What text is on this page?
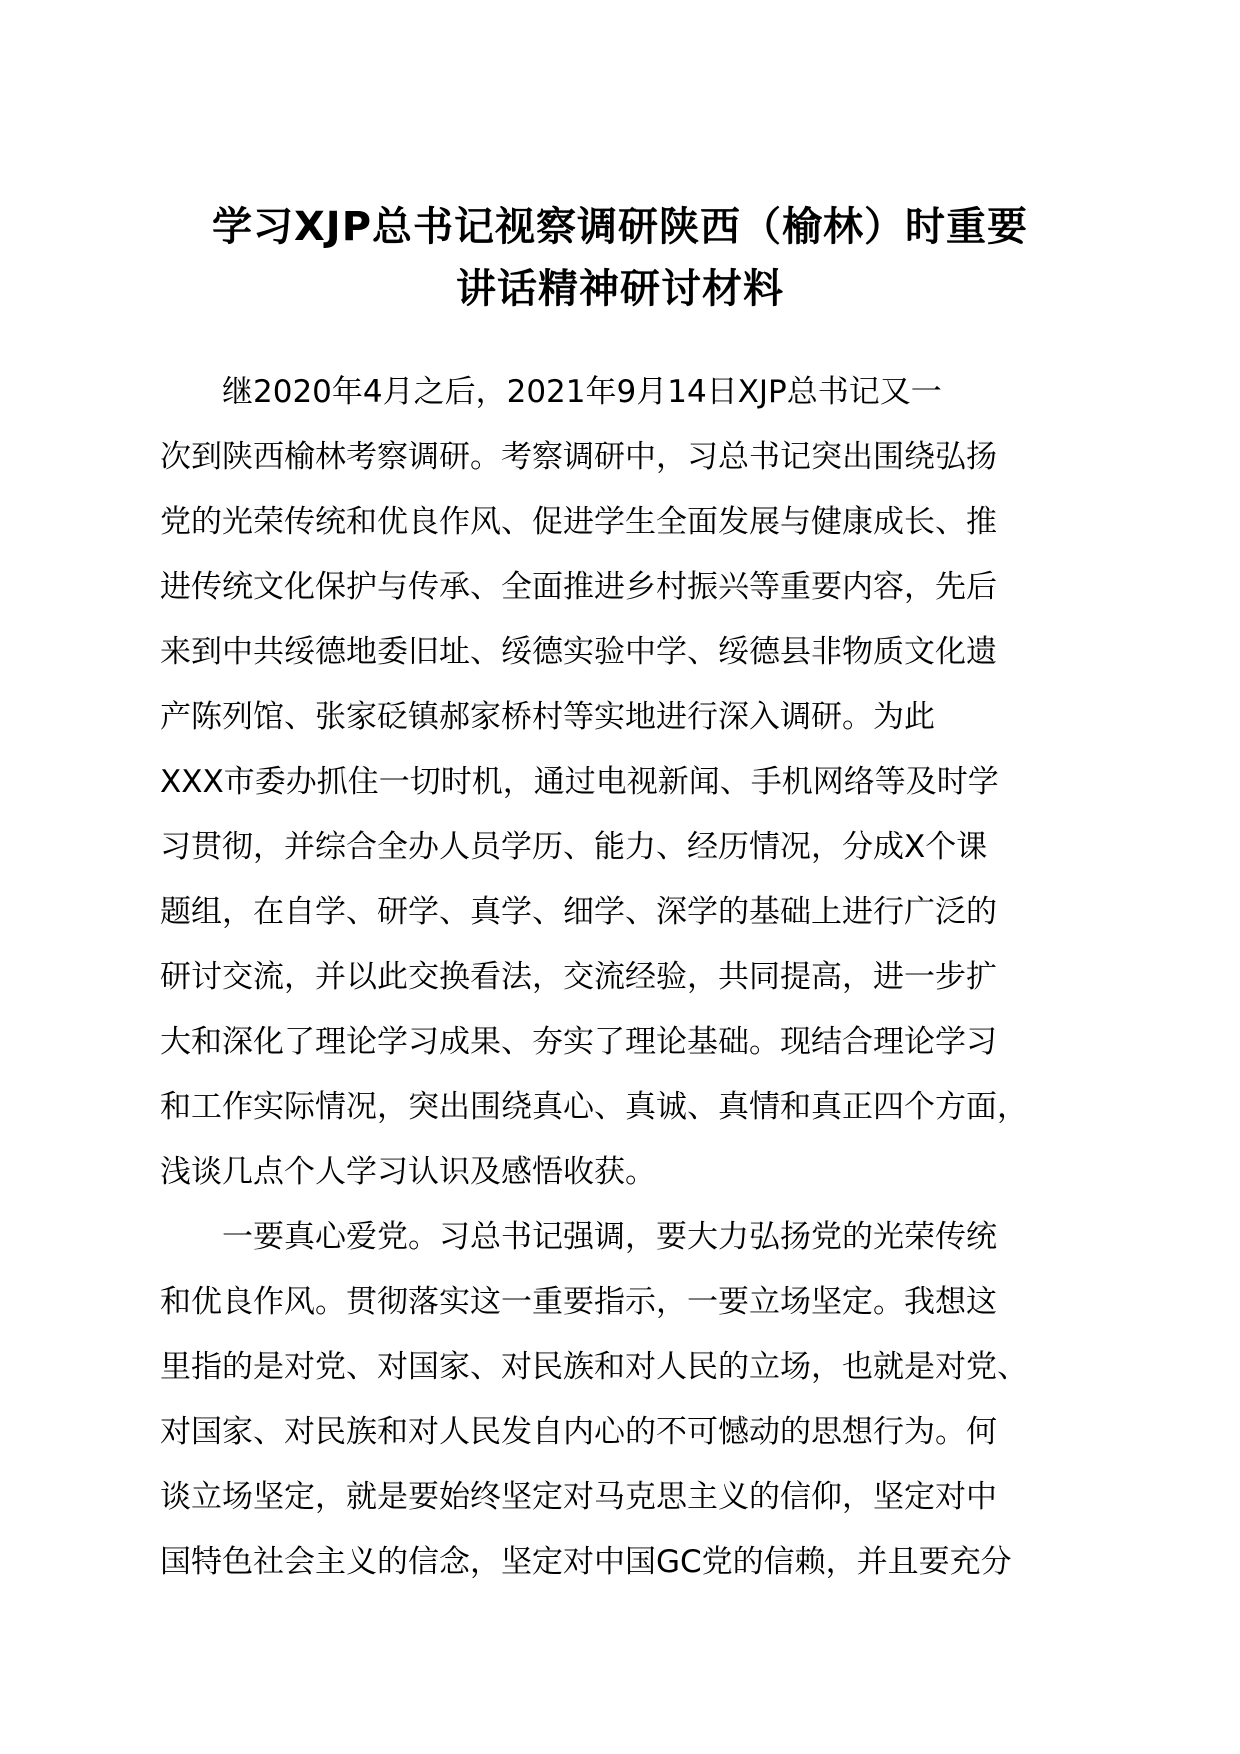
学习XJP总书记视察调研陕西（榆林）时重要
讲话精神研讨材料
继2020年4月之后，2021年9月14日XJP总书记又一
次到陕西榆林考察调研。考察调研中，习总书记突出围绕弘扬
党的光荣传统和优良作风、促进学生全面发展与健康成长、推
进传统文化保护与传承、全面推进乡村振兴等重要内容，先后
来到中共绥德地委旧址、绥德实验中学、绥德县非物质文化遗
产陈列馆、张家砭镇郝家桥村等实地进行深入调研。为此
XXX市委办抓住一切时机，通过电视新闻、手机网络等及时学
习贯彻，并综合全办人员学历、能力、经历情况，分成X个课
题组，在自学、研学、真学、细学、深学的基础上进行广泛的
研讨交流，并以此交换看法，交流经验，共同提高，进一步扩
大和深化了理论学习成果、夯实了理论基础。现结合理论学习
和工作实际情况，突出围绕真心、真诚、真情和真正四个方面，
浅谈几点个人学习认识及感悟收获。
一要真心爱党。习总书记强调，要大力弘扬党的光荣传统
和优良作风。贯彻落实这一重要指示，一要立场坚定。我想这
里指的是对党、对国家、对民族和对人民的立场，也就是对党、
对国家、对民族和对人民发自内心的不可憾动的思想行为。何
谈立场坚定，就是要始终坚定对马克思主义的信仰，坚定对中
国特色社会主义的信念，坚定对中国GC党的信赖，并且要充分
